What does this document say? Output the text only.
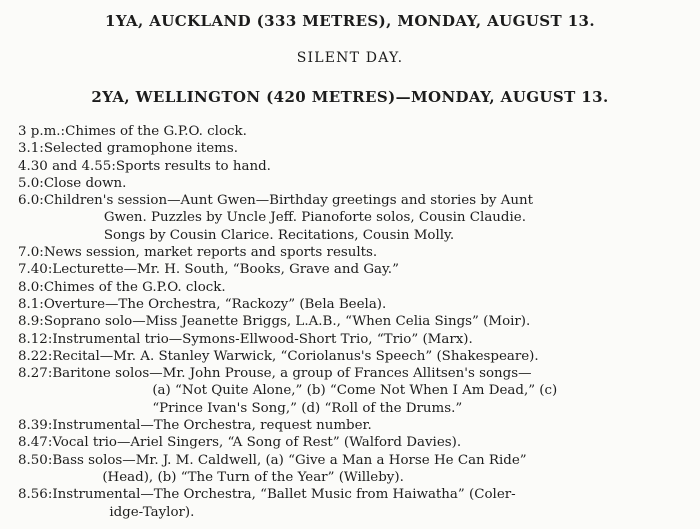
1YA, AUCKLAND (333 METRES), MONDAY, AUGUST 13.
SILENT DAY.
2YA, WELLINGTON (420 METRES)—MONDAY, AUGUST 13.
3 p.m.: Chimes of the G.P.O. clock.
3.1: Selected gramophone items.
4.30 and 4.55: Sports results to hand.
5.0: Close down.
6.0: Children's session—Aunt Gwen—Birthday greetings and stories by Aunt
Gwen. Puzzles by Uncle Jeff. Pianoforte solos, Cousin Claudie.
Songs by Cousin Clarice. Recitations, Cousin Molly.
7.0: News session, market reports and sports results.
7.40: Lecturette—Mr. H. South, “Books, Grave and Gay.”
8.0: Chimes of the G.P.O. clock.
8.1: Overture—The Orchestra, “Rackozy” (Bela Beela).
8.9: Soprano solo—Miss Jeanette Briggs, L.A.B., “When Celia Sings” (Moir).
8.12: Instrumental trio—Symons-Ellwood-Short Trio, “Trio” (Marx).
8.22: Recital—Mr. A. Stanley Warwick, “Coriolanus's Speech” (Shakespeare).
8.27: Baritone solos—Mr. John Prouse, a group of Frances Allitsen's songs—
(a) “Not Quite Alone,” (b) “Come Not When I Am Dead,” (c)
“Prince Ivan's Song,” (d) “Roll of the Drums.”
8.39: Instrumental—The Orchestra, request number.
8.47: Vocal trio—Ariel Singers, “A Song of Rest” (Walford Davies).
8.50: Bass solos—Mr. J. M. Caldwell, (a) “Give a Man a Horse He Can Ride”
(Head), (b) “The Turn of the Year” (Willeby).
8.56: Instrumental—The Orchestra, “Ballet Music from Haiwatha” (Coler-
idge-Taylor).
